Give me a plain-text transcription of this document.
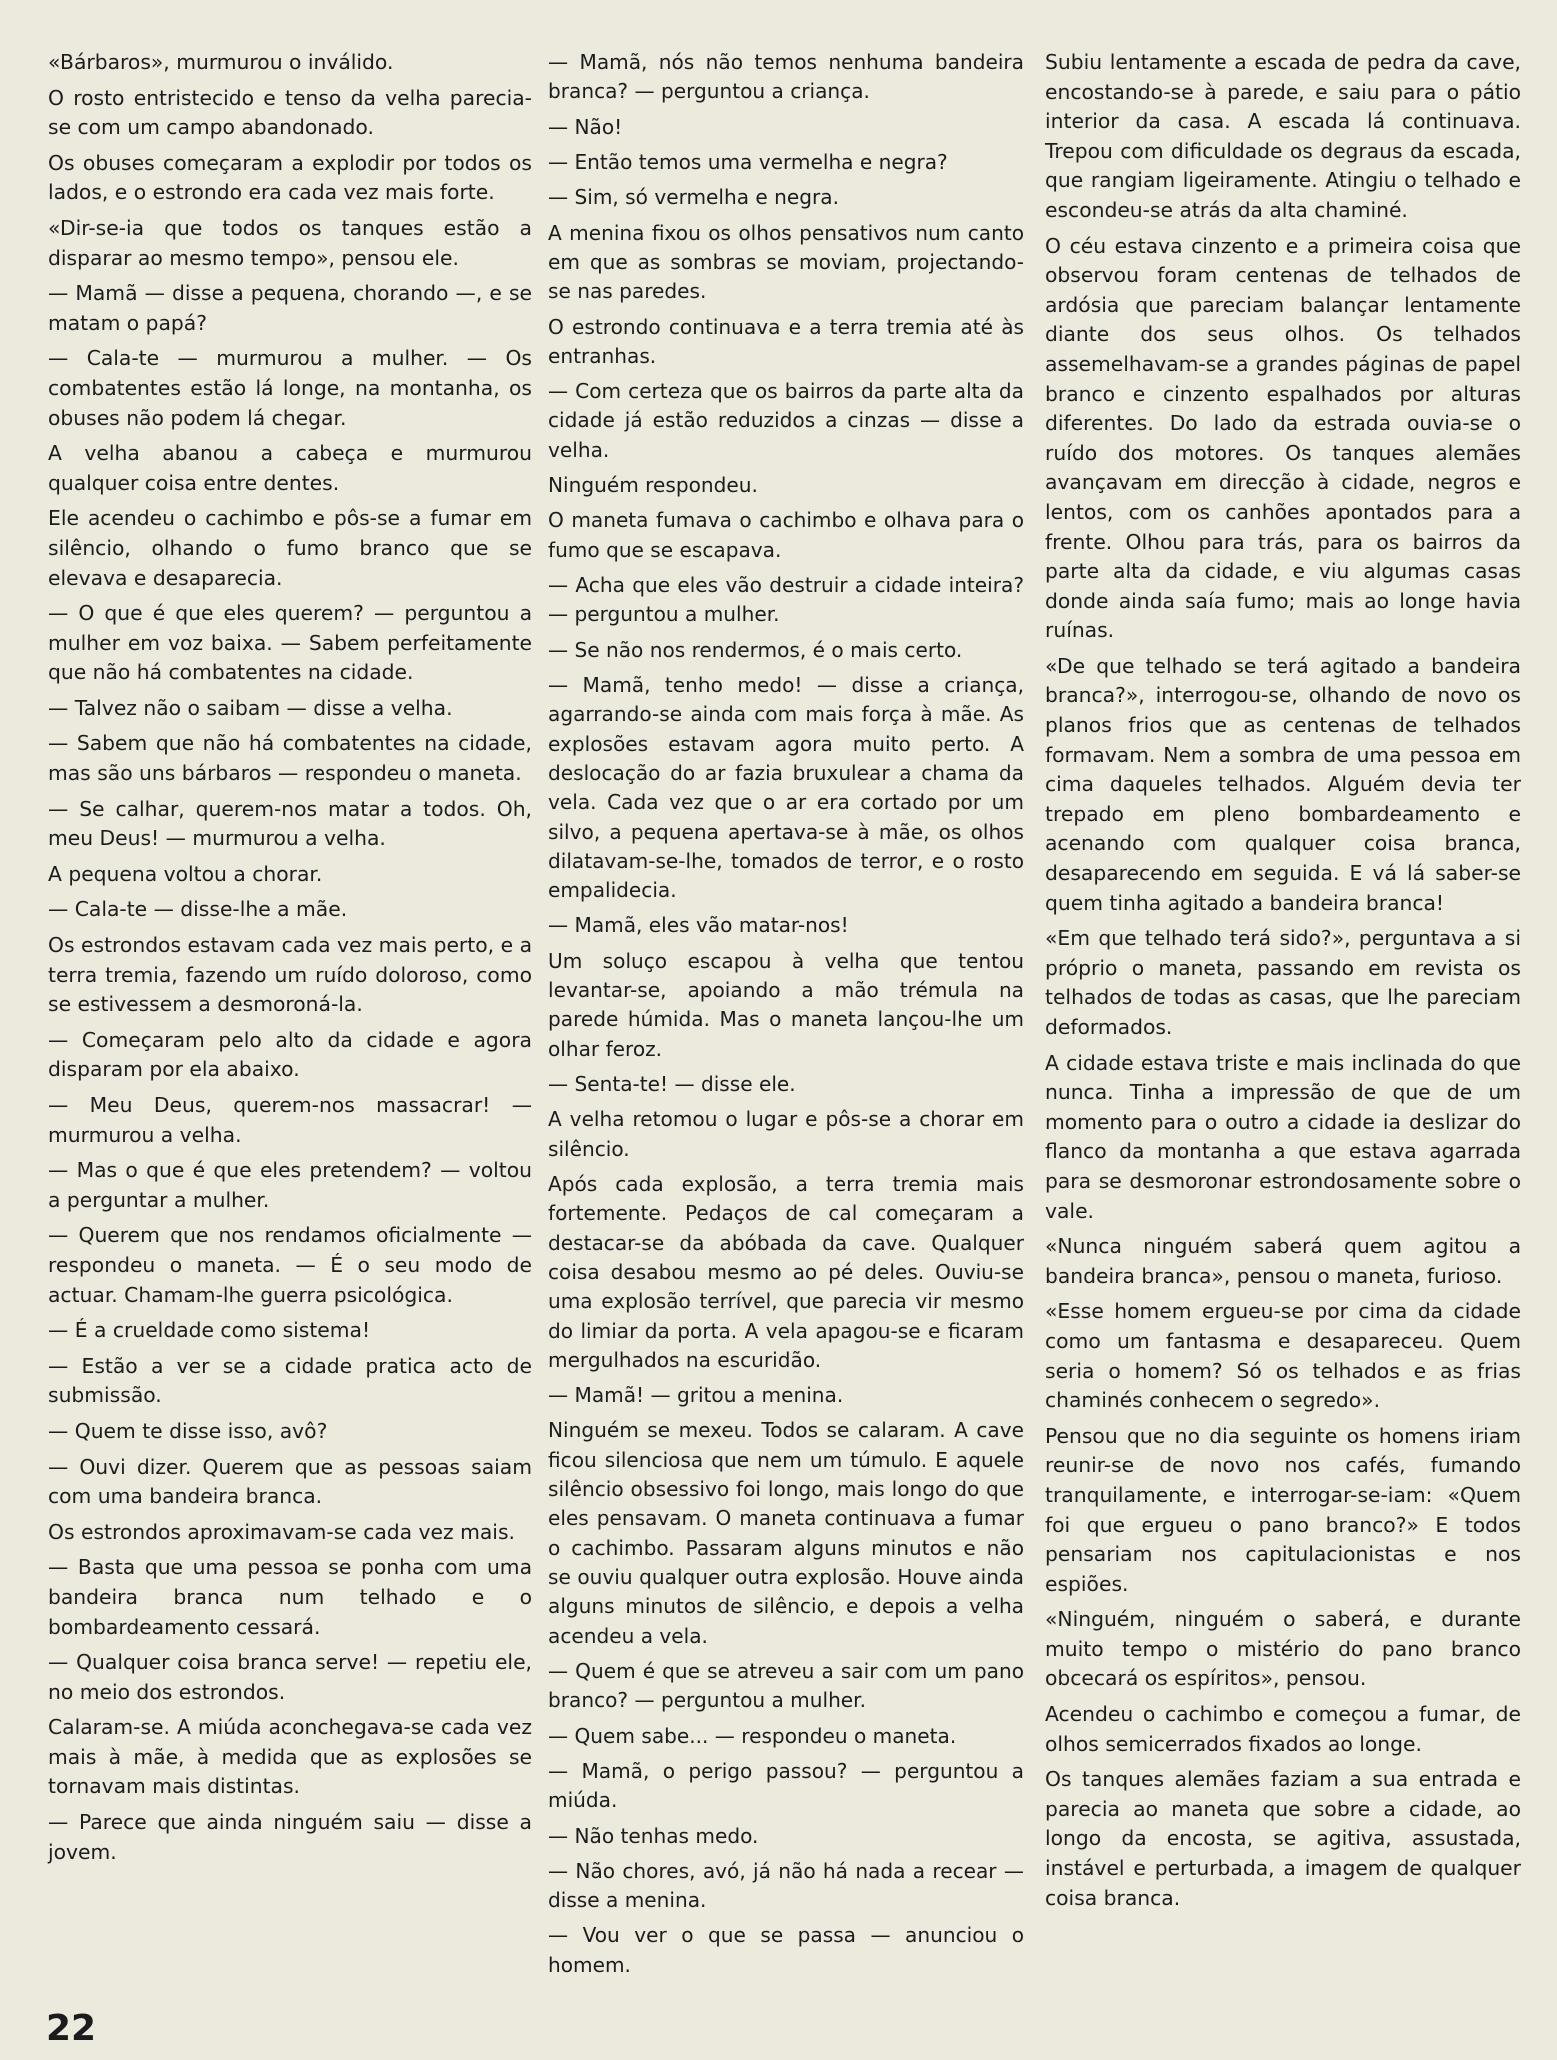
«Bárbaros», murmurou o inválido.

O rosto entristecido e tenso da velha parecia-se com um campo abandonado.

Os obuses começaram a explodir por todos os lados, e o estrondo era cada vez mais forte.

«Dir-se-ia que todos os tanques estão a disparar ao mesmo tempo», pensou ele.

— Mamã — disse a pequena, chorando —, e se matam o papá?

— Cala-te — murmurou a mulher. — Os combatentes estão lá longe, na montanha, os obuses não podem lá chegar.

A velha abanou a cabeça e murmurou qualquer coisa entre dentes.

Ele acendeu o cachimbo e pôs-se a fumar em silêncio, olhando o fumo branco que se elevava e desaparecia.

— O que é que eles querem? — perguntou a mulher em voz baixa. — Sabem perfeitamente que não há combatentes na cidade.

— Talvez não o saibam — disse a velha.

— Sabem que não há combatentes na cidade, mas são uns bárbaros — respondeu o maneta.

— Se calhar, querem-nos matar a todos. Oh, meu Deus! — murmurou a velha.

A pequena voltou a chorar.

— Cala-te — disse-lhe a mãe.

Os estrondos estavam cada vez mais perto, e a terra tremia, fazendo um ruído doloroso, como se estivessem a desmoroná-la.

— Começaram pelo alto da cidade e agora disparam por ela abaixo.

— Meu Deus, querem-nos massacrar! — murmurou a velha.

— Mas o que é que eles pretendem? — voltou a perguntar a mulher.

— Querem que nos rendamos oficialmente — respondeu o maneta. — É o seu modo de actuar. Chamam-lhe guerra psicológica.

— É a crueldade como sistema!

— Estão a ver se a cidade pratica acto de submissão.

— Quem te disse isso, avô?

— Ouvi dizer. Querem que as pessoas saiam com uma bandeira branca.

Os estrondos aproximavam-se cada vez mais.

— Basta que uma pessoa se ponha com uma bandeira branca num telhado e o bombardeamento cessará.

— Qualquer coisa branca serve! — repetiu ele, no meio dos estrondos.

Calaram-se. A miúda aconchegava-se cada vez mais à mãe, à medida que as explosões se tornavam mais distintas.

— Parece que ainda ninguém saiu — disse a jovem.

— Mamã, nós não temos nenhuma bandeira branca? — perguntou a criança.

— Não!

— Então temos uma vermelha e negra?

— Sim, só vermelha e negra.

A menina fixou os olhos pensativos num canto em que as sombras se moviam, projectando-se nas paredes.

O estrondo continuava e a terra tremia até às entranhas.

— Com certeza que os bairros da parte alta da cidade já estão reduzidos a cinzas — disse a velha.

Ninguém respondeu.

O maneta fumava o cachimbo e olhava para o fumo que se escapava.

— Acha que eles vão destruir a cidade inteira? — perguntou a mulher.

— Se não nos rendermos, é o mais certo.

— Mamã, tenho medo! — disse a criança, agarrando-se ainda com mais força à mãe. As explosões estavam agora muito perto. A deslocação do ar fazia bruxulear a chama da vela. Cada vez que o ar era cortado por um silvo, a pequena apertava-se à mãe, os olhos dilatavam-se-lhe, tomados de terror, e o rosto empalidecia.

— Mamã, eles vão matar-nos!

Um soluço escapou à velha que tentou levantar-se, apoiando a mão trémula na parede húmida. Mas o maneta lançou-lhe um olhar feroz.

— Senta-te! — disse ele.

A velha retomou o lugar e pôs-se a chorar em silêncio.

Após cada explosão, a terra tremia mais fortemente. Pedaços de cal começaram a destacar-se da abóbada da cave. Qualquer coisa desabou mesmo ao pé deles. Ouviu-se uma explosão terrível, que parecia vir mesmo do limiar da porta. A vela apagou-se e ficaram mergulhados na escuridão.

— Mamã! — gritou a menina.

Ninguém se mexeu. Todos se calaram. A cave ficou silenciosa que nem um túmulo. E aquele silêncio obsessivo foi longo, mais longo do que eles pensavam. O maneta continuava a fumar o cachimbo. Passaram alguns minutos e não se ouviu qualquer outra explosão. Houve ainda alguns minutos de silêncio, e depois a velha acendeu a vela.

— Quem é que se atreveu a sair com um pano branco? — perguntou a mulher.

— Quem sabe... — respondeu o maneta.

— Mamã, o perigo passou? — perguntou a miúda.

— Não tenhas medo.

— Não chores, avó, já não há nada a recear — disse a menina.

— Vou ver o que se passa — anunciou o homem.

Subiu lentamente a escada de pedra da cave, encostando-se à parede, e saiu para o pátio interior da casa. A escada lá continuava. Trepou com dificuldade os degraus da escada, que rangiam ligeiramente. Atingiu o telhado e escondeu-se atrás da alta chaminé.

O céu estava cinzento e a primeira coisa que observou foram centenas de telhados de ardósia que pareciam balançar lentamente diante dos seus olhos. Os telhados assemelhavam-se a grandes páginas de papel branco e cinzento espalhados por alturas diferentes. Do lado da estrada ouvia-se o ruído dos motores. Os tanques alemães avançavam em direcção à cidade, negros e lentos, com os canhões apontados para a frente. Olhou para trás, para os bairros da parte alta da cidade, e viu algumas casas donde ainda saía fumo; mais ao longe havia ruínas.

«De que telhado se terá agitado a bandeira branca?», interrogou-se, olhando de novo os planos frios que as centenas de telhados formavam. Nem a sombra de uma pessoa em cima daqueles telhados. Alguém devia ter trepado em pleno bombardeamento e acenando com qualquer coisa branca, desaparecendo em seguida. E vá lá saber-se quem tinha agitado a bandeira branca!

«Em que telhado terá sido?», perguntava a si próprio o maneta, passando em revista os telhados de todas as casas, que lhe pareciam deformados.

A cidade estava triste e mais inclinada do que nunca. Tinha a impressão de que de um momento para o outro a cidade ia deslizar do flanco da montanha a que estava agarrada para se desmoronar estrondosamente sobre o vale.

«Nunca ninguém saberá quem agitou a bandeira branca», pensou o maneta, furioso.

«Esse homem ergueu-se por cima da cidade como um fantasma e desapareceu. Quem seria o homem? Só os telhados e as frias chaminés conhecem o segredo».

Pensou que no dia seguinte os homens iriam reunir-se de novo nos cafés, fumando tranquilamente, e interrogar-se-iam: «Quem foi que ergueu o pano branco?» E todos pensariam nos capitulacionistas e nos espiões.

«Ninguém, ninguém o saberá, e durante muito tempo o mistério do pano branco obcecará os espíritos», pensou.

Acendeu o cachimbo e começou a fumar, de olhos semicerrados fixados ao longe.

Os tanques alemães faziam a sua entrada e parecia ao maneta que sobre a cidade, ao longo da encosta, se agitiva, assustada, instável e perturbada, a imagem de qualquer coisa branca.

22
